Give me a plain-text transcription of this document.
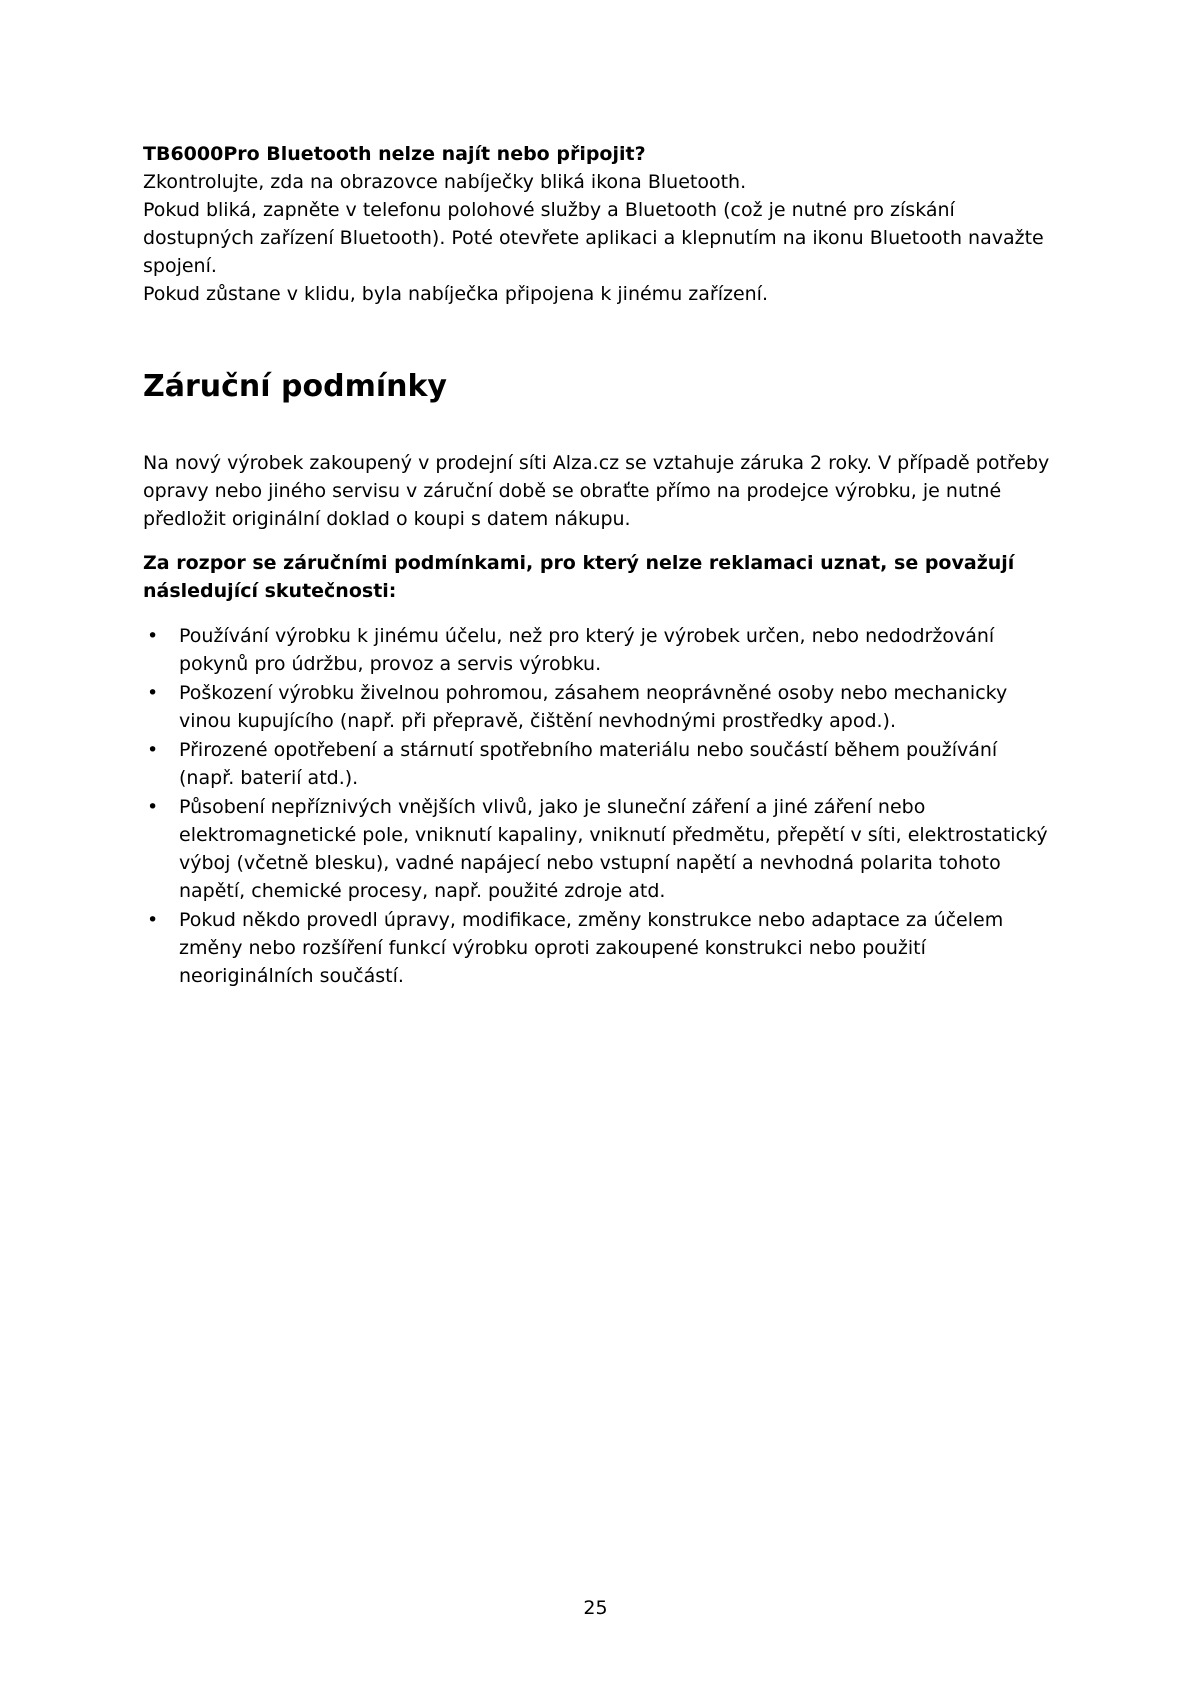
TB6000Pro Bluetooth nelze najít nebo připojit?

Zkontrolujte, zda na obrazovce nabíječky bliká ikona Bluetooth.

Pokud bliká, zapněte v telefonu polohové služby a Bluetooth (což je nutné pro získání dostupných zařízení Bluetooth). Poté otevřete aplikaci a klepnutím na ikonu Bluetooth navažte spojení.

Pokud zůstane v klidu, byla nabíječka připojena k jinému zařízení.

Záruční podmínky

Na nový výrobek zakoupený v prodejní síti Alza.cz se vztahuje záruka 2 roky. V případě potřeby opravy nebo jiného servisu v záruční době se obraťte přímo na prodejce výrobku, je nutné předložit originální doklad o koupi s datem nákupu.

Za rozpor se záručními podmínkami, pro který nelze reklamaci uznat, se považují následující skutečnosti:

• Používání výrobku k jinému účelu, než pro který je výrobek určen, nebo nedodržování pokynů pro údržbu, provoz a servis výrobku.
• Poškození výrobku živelnou pohromou, zásahem neoprávněné osoby nebo mechanicky vinou kupujícího (např. při přepravě, čištění nevhodnými prostředky apod.).
• Přirozené opotřebení a stárnutí spotřebního materiálu nebo součástí během používání (např. baterií atd.).
• Působení nepříznivých vnějších vlivů, jako je sluneční záření a jiné záření nebo elektromagnetické pole, vniknutí kapaliny, vniknutí předmětu, přepětí v síti, elektrostatický výboj (včetně blesku), vadné napájecí nebo vstupní napětí a nevhodná polarita tohoto napětí, chemické procesy, např. použité zdroje atd.
• Pokud někdo provedl úpravy, modifikace, změny konstrukce nebo adaptace za účelem změny nebo rozšíření funkcí výrobku oproti zakoupené konstrukci nebo použití neoriginálních součástí.
25
